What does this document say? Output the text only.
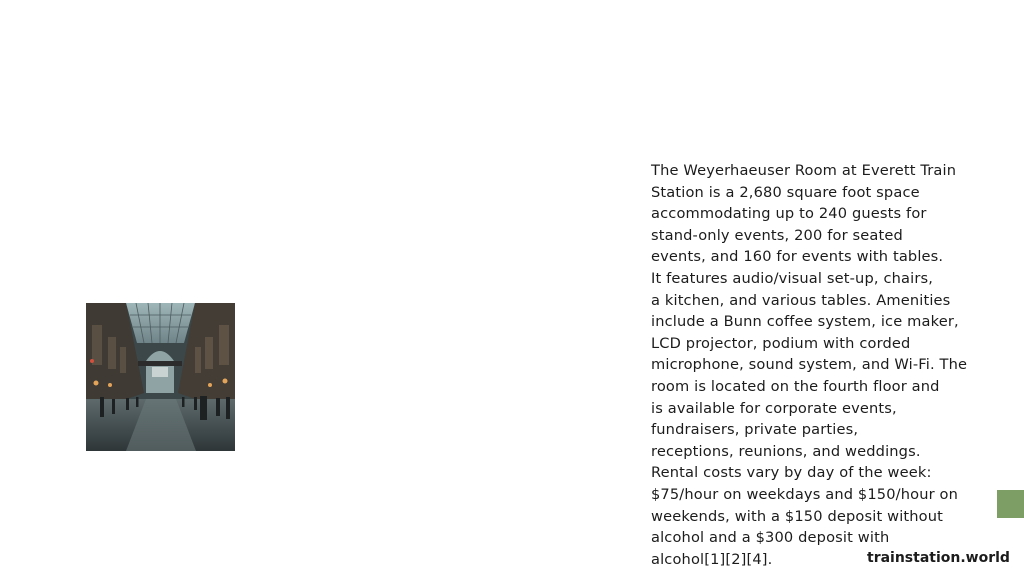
The Weyerhaeuser Room at Everett Train
Station is a 2,680 square foot space
accommodating up to 240 guests for
stand-only events, 200 for seated
events, and 160 for events with tables.
It features audio/visual set-up, chairs,
a kitchen, and various tables. Amenities
include a Bunn coffee system, ice maker,
LCD projector, podium with corded
microphone, sound system, and Wi-Fi. The
room is located on the fourth floor and
is available for corporate events,
fundraisers, private parties,
receptions, reunions, and weddings.
Rental costs vary by day of the week:
$75/hour on weekdays and $150/hour on
weekends, with a $150 deposit without
alcohol and a $300 deposit with
alcohol[1][2][4].	trainstation.world
